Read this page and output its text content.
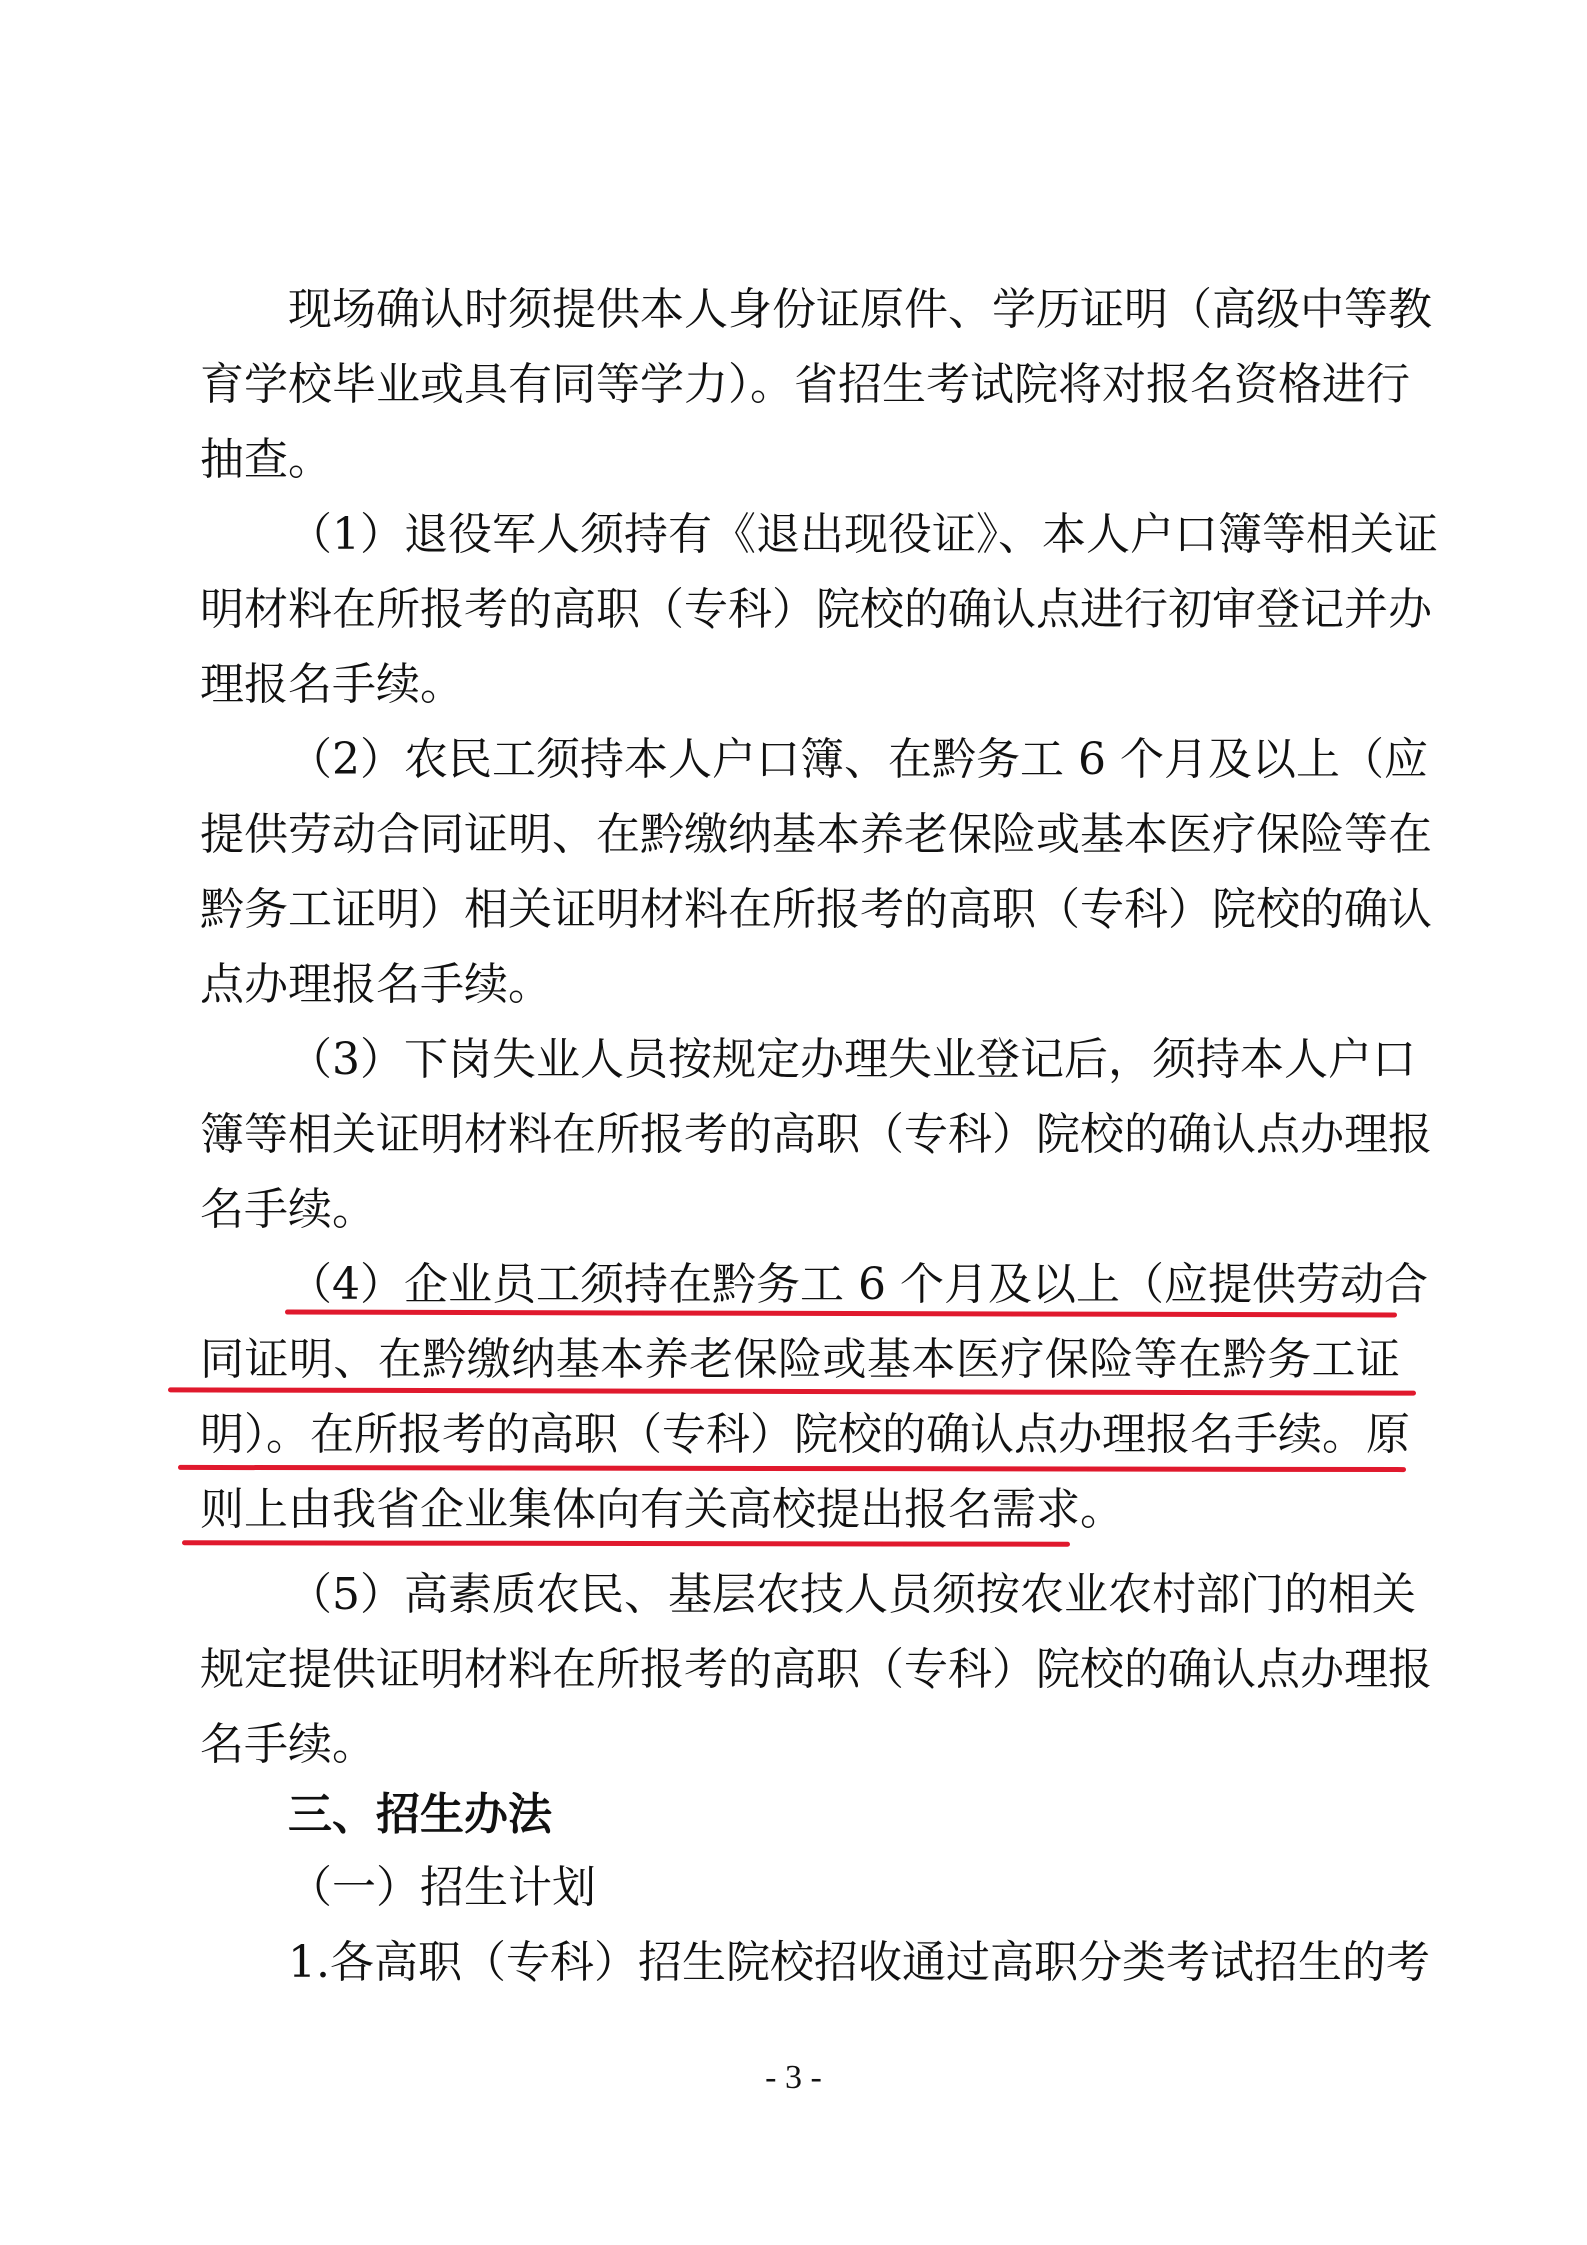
现场确认时须提供本人身份证原件、学历证明（高级中等教
育学校毕业或具有同等学力）。省招生考试院将对报名资格进行
抽查。
（1）退役军人须持有《退出现役证》、本人户口簿等相关证
明材料在所报考的高职（专科）院校的确认点进行初审登记并办
理报名手续。
（2）农民工须持本人户口簿、在黔务工 6 个月及以上（应
提供劳动合同证明、在黔缴纳基本养老保险或基本医疗保险等在
黔务工证明）相关证明材料在所报考的高职（专科）院校的确认
点办理报名手续。
（3）下岗失业人员按规定办理失业登记后，须持本人户口
簿等相关证明材料在所报考的高职（专科）院校的确认点办理报
名手续。
（4）企业员工须持在黔务工 6 个月及以上（应提供劳动合
同证明、在黔缴纳基本养老保险或基本医疗保险等在黔务工证
明）。在所报考的高职（专科）院校的确认点办理报名手续。原
则上由我省企业集体向有关高校提出报名需求。
（5）高素质农民、基层农技人员须按农业农村部门的相关
规定提供证明材料在所报考的高职（专科）院校的确认点办理报
名手续。
三、招生办法
（一）招生计划
1.各高职（专科）招生院校招收通过高职分类考试招生的考
- 3 -
